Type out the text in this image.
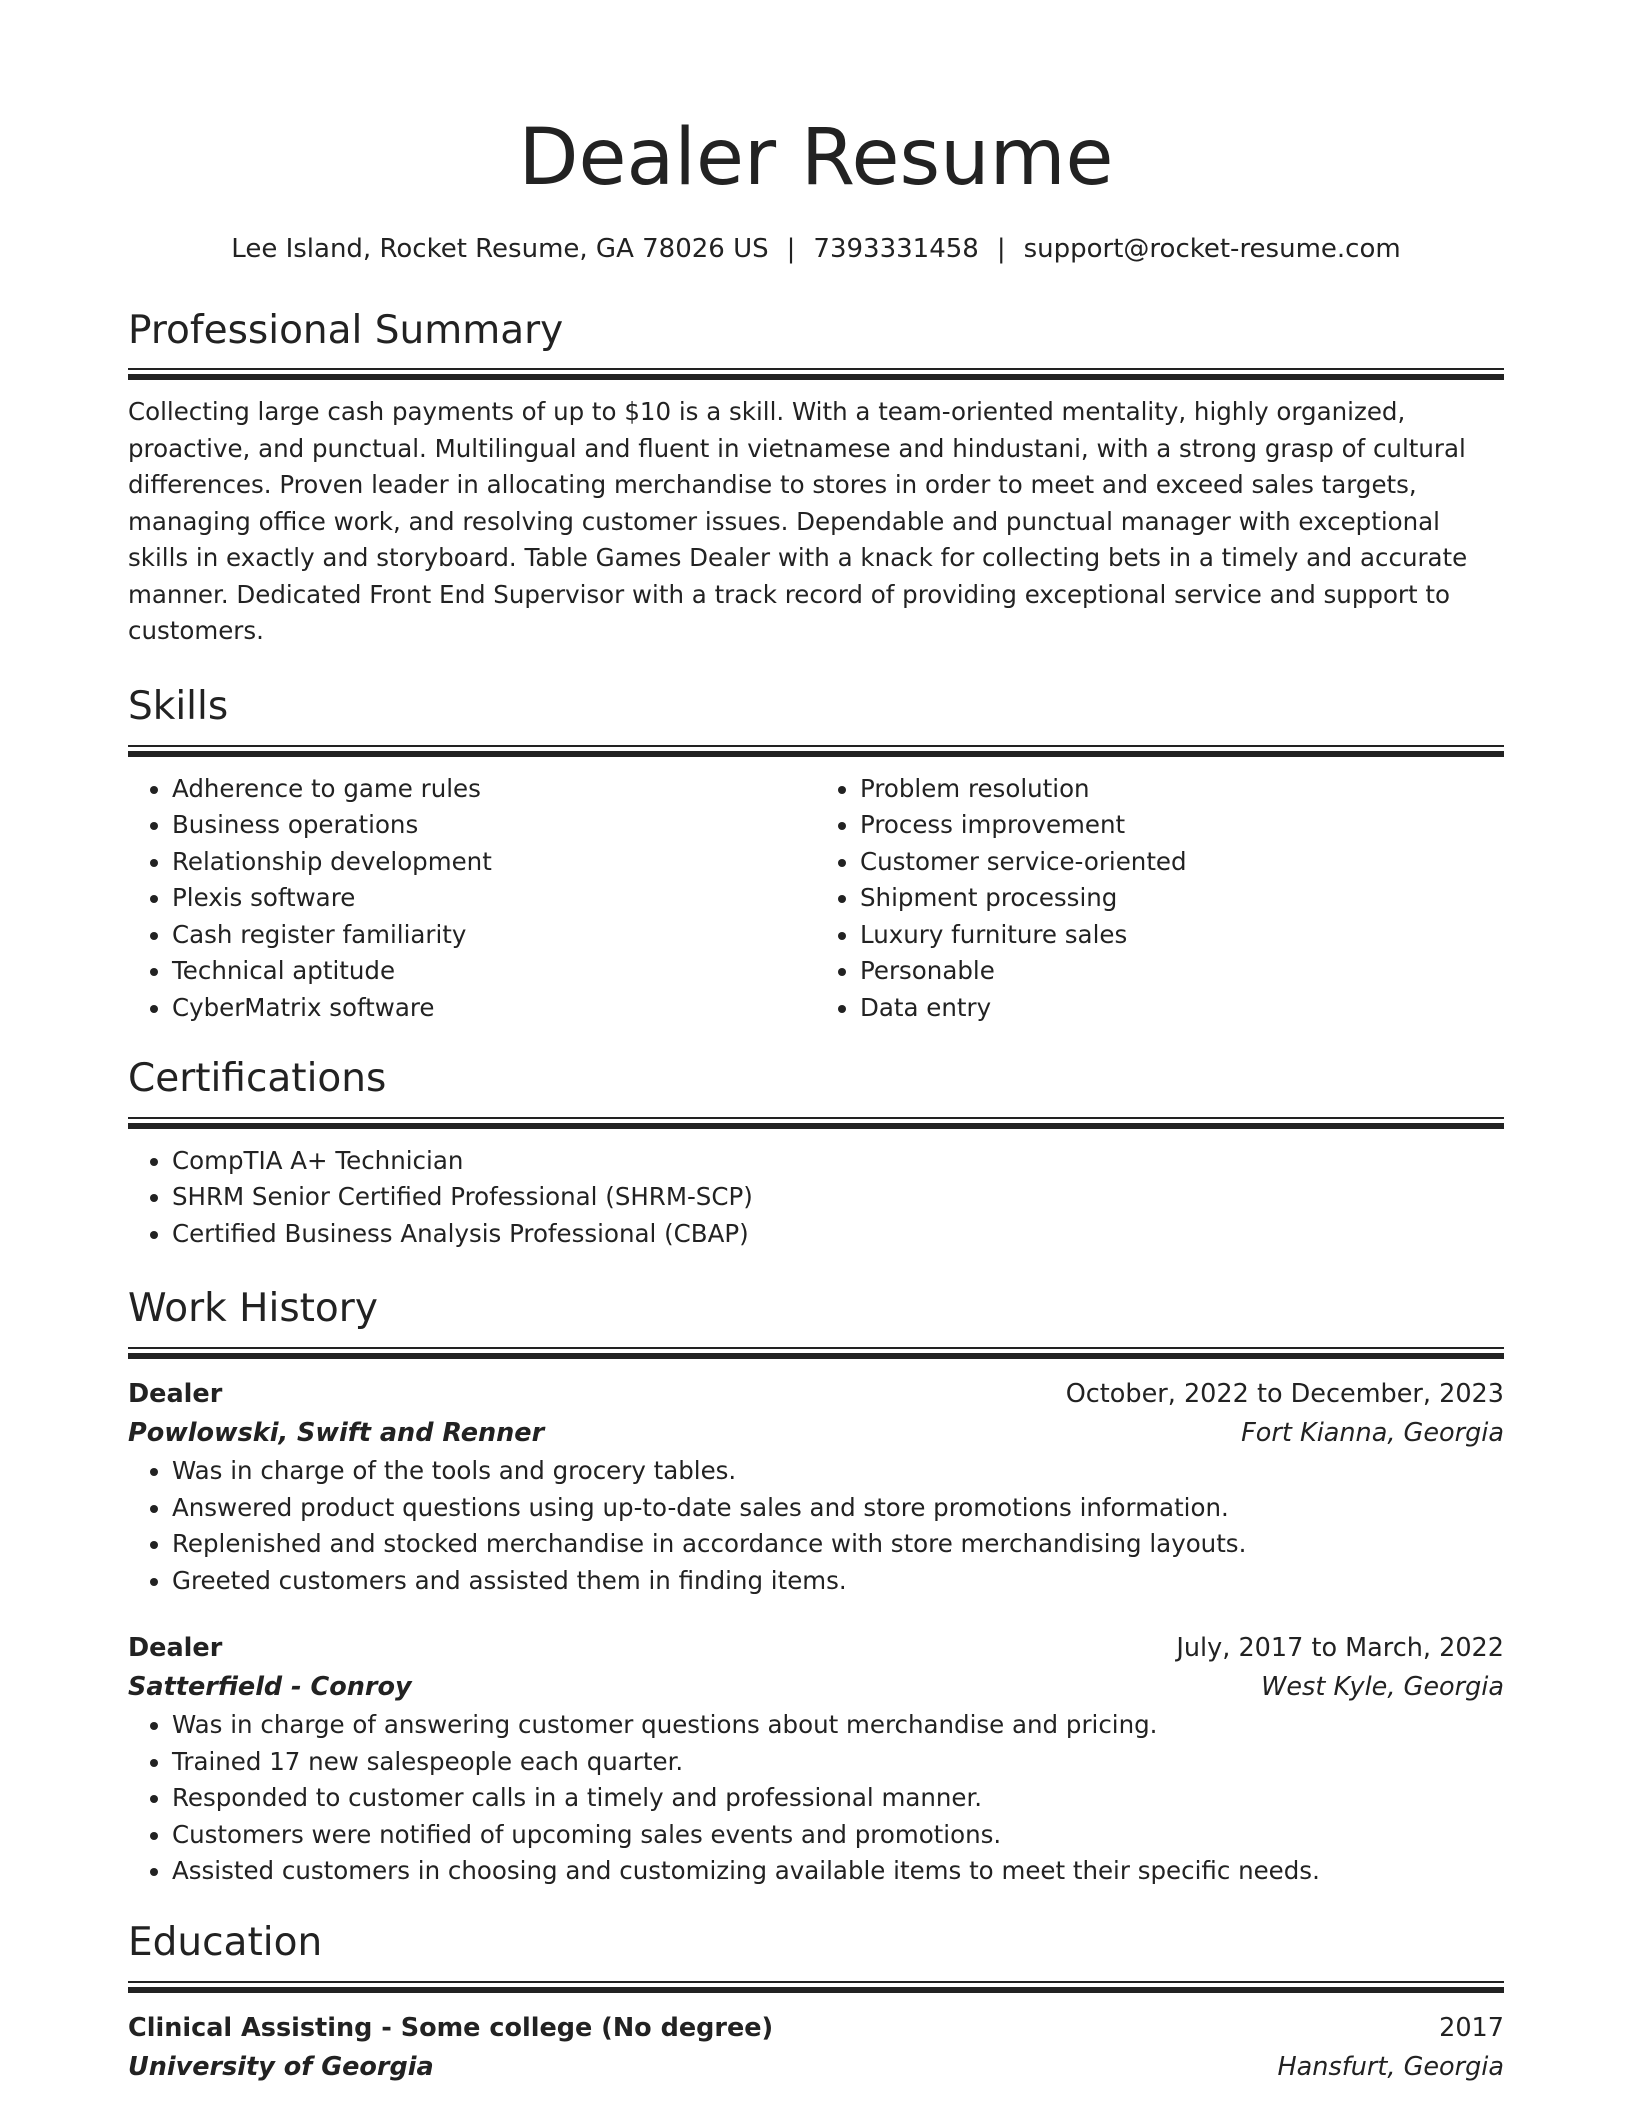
Dealer Resume
Lee Island, Rocket Resume, GA 78026 US | 7393331458 | support@rocket-resume.com
Professional Summary

Collecting large cash payments of up to $10 is a skill. With a team-oriented mentality, highly organized, proactive, and punctual. Multilingual and fluent in vietnamese and hindustani, with a strong grasp of cultural differences. Proven leader in allocating merchandise to stores in order to meet and exceed sales targets, managing office work, and resolving customer issues. Dependable and punctual manager with exceptional skills in exactly and storyboard. Table Games Dealer with a knack for collecting bets in a timely and accurate manner. Dedicated Front End Supervisor with a track record of providing exceptional service and support to customers.

Skills
• Adherence to game rules
• Business operations
• Relationship development
• Plexis software
• Cash register familiarity
• Technical aptitude
• CyberMatrix software
• Problem resolution
• Process improvement
• Customer service-oriented
• Shipment processing
• Luxury furniture sales
• Personable
• Data entry
Certifications
• CompTIA A+ Technician
• SHRM Senior Certified Professional (SHRM-SCP)
• Certified Business Analysis Professional (CBAP)
Work History
Dealer	October, 2022 to December, 2023
Powlowski, Swift and Renner	Fort Kianna, Georgia
• Was in charge of the tools and grocery tables.
• Answered product questions using up-to-date sales and store promotions information.
• Replenished and stocked merchandise in accordance with store merchandising layouts.
• Greeted customers and assisted them in finding items.
Dealer	July, 2017 to March, 2022
Satterfield - Conroy	West Kyle, Georgia
• Was in charge of answering customer questions about merchandise and pricing.
• Trained 17 new salespeople each quarter.
• Responded to customer calls in a timely and professional manner.
• Customers were notified of upcoming sales events and promotions.
• Assisted customers in choosing and customizing available items to meet their specific needs.
Education
Clinical Assisting - Some college (No degree)	2017
University of Georgia	Hansfurt, Georgia
